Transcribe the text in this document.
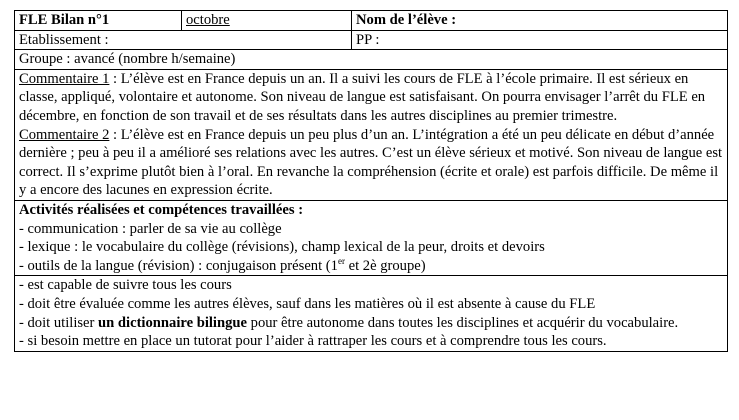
FLE Bilan n°1	octobre	Nom de l’élève :
Etablissement :		PP :
Groupe : avancé (nombre h/semaine)		

Commentaire 1 : L’élève est en France depuis un an. Il a suivi les cours de FLE à l’école primaire. Il est sérieux en classe, appliqué, volontaire et autonome. Son niveau de langue est satisfaisant. On pourra envisager l’arrêt du FLE en décembre, en fonction de son travail et de ses résultats dans les autres disciplines au premier trimestre.

Commentaire 2 : L’élève est en France depuis un peu plus d’un an. L’intégration a été un peu délicate en début d’année dernière ; peu à peu il a amélioré ses relations avec les autres. C’est un élève sérieux et motivé. Son niveau de langue est correct. Il s’exprime plutôt bien à l’oral. En revanche la compréhension (écrite et orale) est parfois difficile. De même il y a encore des lacunes en expression écrite.		

Activités réalisées et compétences travaillées :

- communication : parler de sa vie au collège

- lexique : le vocabulaire du collège (révisions), champ lexical de la peur, droits et devoirs

- outils de la langue (révision) : conjugaison présent (1er et 2è groupe)		

- est capable de suivre tous les cours

- doit être évaluée comme les autres élèves, sauf dans les matières où il est absente à cause du FLE

- doit utiliser un dictionnaire bilingue pour être autonome dans toutes les disciplines et acquérir du vocabulaire.

- si besoin mettre en place un tutorat pour l’aider à rattraper les cours et à comprendre tous les cours.		
